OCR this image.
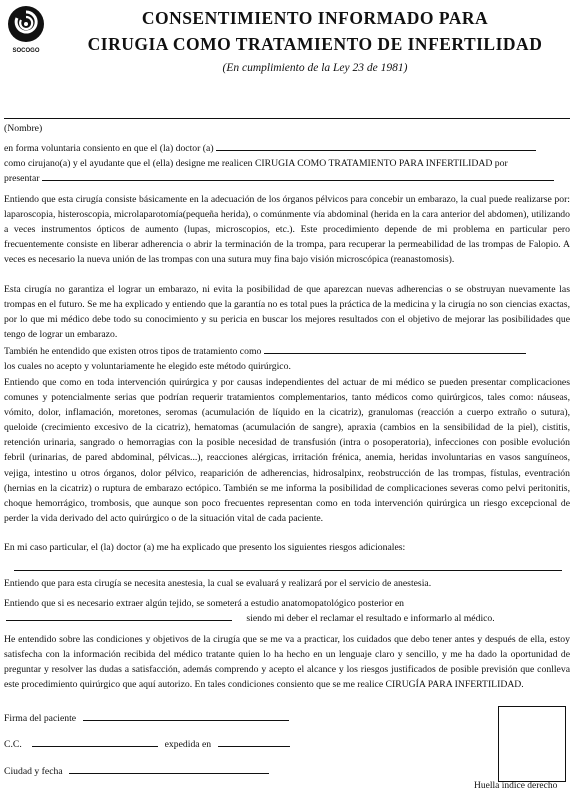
SOCOGO
CONSENTIMIENTO INFORMADO PARA
CIRUGIA COMO TRATAMIENTO DE INFERTILIDAD
(En cumplimiento de la Ley 23 de 1981)
(Nombre)
en forma voluntaria consiento en que el (la) doctor (a)
como cirujano(a) y el ayudante que el (ella) designe me realicen CIRUGIA COMO TRATAMIENTO PARA INFERTILIDAD por
presentar
Entiendo que esta cirugía consiste básicamente en la adecuación de los órganos pélvicos para concebir un embarazo, la cual puede realizarse por: laparoscopia, histeroscopia, microlaparotomía(pequeña herida), o comúnmente vía abdominal (herida en la cara anterior del abdomen), utilizando a veces instrumentos ópticos de aumento (lupas, microscopios, etc.). Este procedimiento depende de mi problema en particular pero frecuentemente consiste en liberar adherencia o abrir la terminación de la trompa, para recuperar la permeabilidad de las trompas de Falopio. A veces es necesario la nueva unión de las trompas con una sutura muy fina bajo visión microscópica (reanastomosis).
Esta cirugía no garantiza el lograr un embarazo, ni evita la posibilidad de que aparezcan nuevas adherencias o se obstruyan nuevamente las trompas en el futuro. Se me ha explicado y entiendo que la garantía no es total pues la práctica de la medicina y la cirugía no son ciencias exactas, por lo que mi médico debe todo su conocimiento y su pericia en buscar los mejores resultados con el objetivo de mejorar las posibilidades que tengo de lograr un embarazo.
También he entendido que existen otros tipos de tratamiento como
los cuales no acepto y voluntariamente he elegido este método quirúrgico.
Entiendo que como en toda intervención quirúrgica y por causas independientes del actuar de mi médico se pueden presentar complicaciones comunes y potencialmente serias que podrían requerir tratamientos complementarios, tanto médicos como quirúrgicos, tales como: náuseas, vómito, dolor, inflamación, moretones, seromas (acumulación de líquido en la cicatriz), granulomas (reacción a cuerpo extraño o sutura), queloide (crecimiento excesivo de la cicatriz), hematomas (acumulación de sangre), apraxia (cambios en la sensibilidad de la piel), cistitis, retención urinaria, sangrado o hemorragias con la posible necesidad de transfusión (intra o posoperatoria), infecciones con posible evolución febril (urinarias, de pared abdominal, pélvicas...), reacciones alérgicas, irritación frénica, anemia, heridas involuntarias en vasos sanguíneos, vejiga, intestino u otros órganos, dolor pélvico, reaparición de adherencias, hidrosalpinx, reobstrucción de las trompas, fístulas, eventración (hernias en la cicatriz) o ruptura de embarazo ectópico. También se me informa la posibilidad de complicaciones severas como pelvi peritonitis, choque hemorrágico, trombosis, que aunque son poco frecuentes representan como en toda intervención quirúrgica un riesgo excepcional de perder la vida derivado del acto quirúrgico o de la situación vital de cada paciente.
En mi caso particular, el (la) doctor (a) me ha explicado que presento los siguientes riesgos adicionales:
Entiendo que para esta cirugía se necesita anestesia, la cual se evaluará y realizará por el servicio de anestesia.
Entiendo que si es necesario extraer algún tejido, se someterá a estudio anatomopatológico posterior en
siendo mi deber el reclamar el resultado e informarlo al médico.
He entendido sobre las condiciones y objetivos de la cirugía que se me va a practicar, los cuidados que debo tener antes y después de ella, estoy satisfecha con la información recibida del médico tratante quien lo ha hecho en un lenguaje claro y sencillo, y me ha dado la oportunidad de preguntar y resolver las dudas a satisfacción, además comprendo y acepto el alcance y los riesgos justificados de posible previsión que conlleva este procedimiento quirúrgico que aquí autorizo. En tales condiciones consiento que se me realice CIRUGÍA PARA INFERTILIDAD.
Firma del paciente
C.C.	expedida en
Ciudad y fecha
Huella índice derecho
